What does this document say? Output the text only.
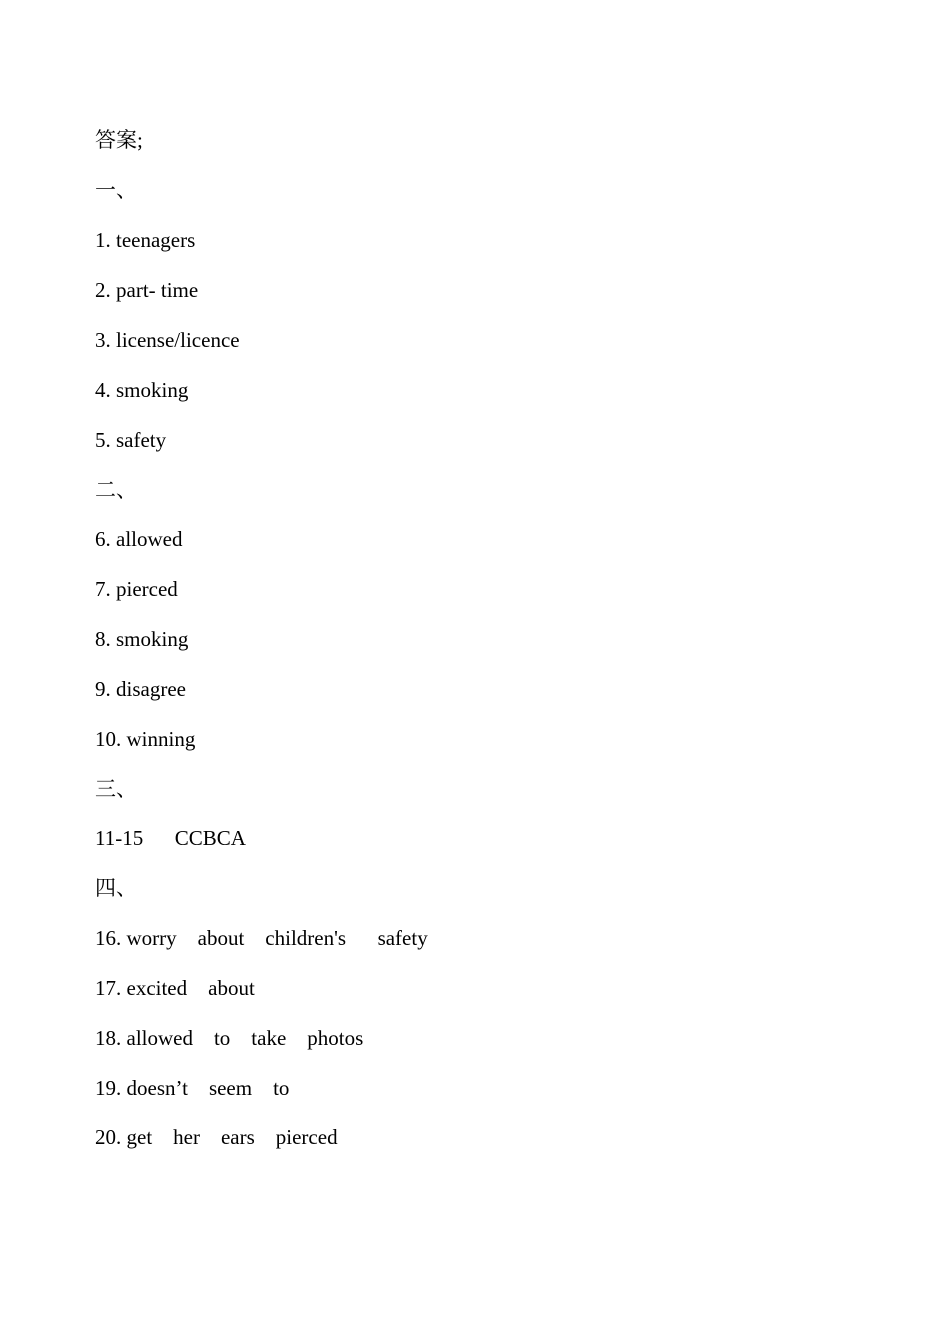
答案;
一、
1. teenagers
2. part- time
3. license/licence
4. smoking
5. safety
二、
6. allowed
7. pierced
8. smoking
9. disagree
10. winning
三、
11-15      CCBCA
四、
16. worry    about    children's      safety
17. excited    about
18. allowed    to    take    photos
19. doesn’t    seem    to
20. get    her    ears    pierced
